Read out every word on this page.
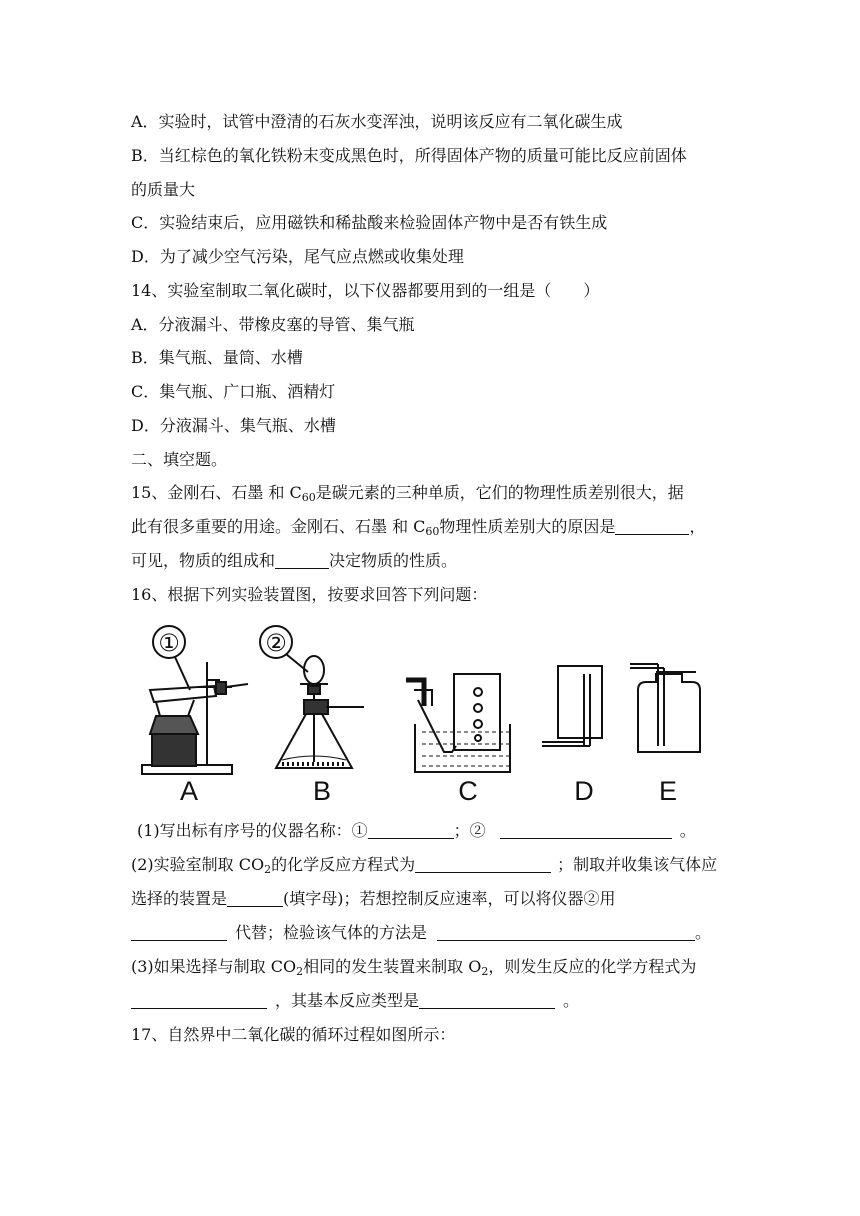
A．实验时，试管中澄清的石灰水变浑浊，说明该反应有二氧化碳生成
B．当红棕色的氧化铁粉末变成黑色时，所得固体产物的质量可能比反应前固体
的质量大
C．实验结束后，应用磁铁和稀盐酸来检验固体产物中是否有铁生成
D．为了减少空气污染，尾气应点燃或收集处理
14、实验室制取二氧化碳时，以下仪器都要用到的一组是（　　）
A．分液漏斗、带橡皮塞的导管、集气瓶
B．集气瓶、量筒、水槽
C．集气瓶、广口瓶、酒精灯
D．分液漏斗、集气瓶、水槽
二、填空题。
15、金刚石、石墨 和 $C_{60}$是碳元素的三种单质，它们的物理性质差别很大，据
此有很多重要的用途。金刚石、石墨 和 $C_{60}$物理性质差别大的原因是	，
可见，物质的组成和	决定物质的性质。
16、根据下列实验装置图，按要求回答下列问题：
①	②
A	B	C	D E
(1)写出标有序号的仪器名称：①	；②	。
(2)实验室制取 $CO_2$的化学反应方程式为	；制取并收集该气体应
选择的装置是	(填字母)；若想控制反应速率，可以将仪器②用
代替；检验该气体的方法是	。
(3)如果选择与制取 $CO_2$相同的发生装置来制取 $O_2$，则发生反应的化学方程式为
，其基本反应类型是	。
17、自然界中二氧化碳的循环过程如图所示：
